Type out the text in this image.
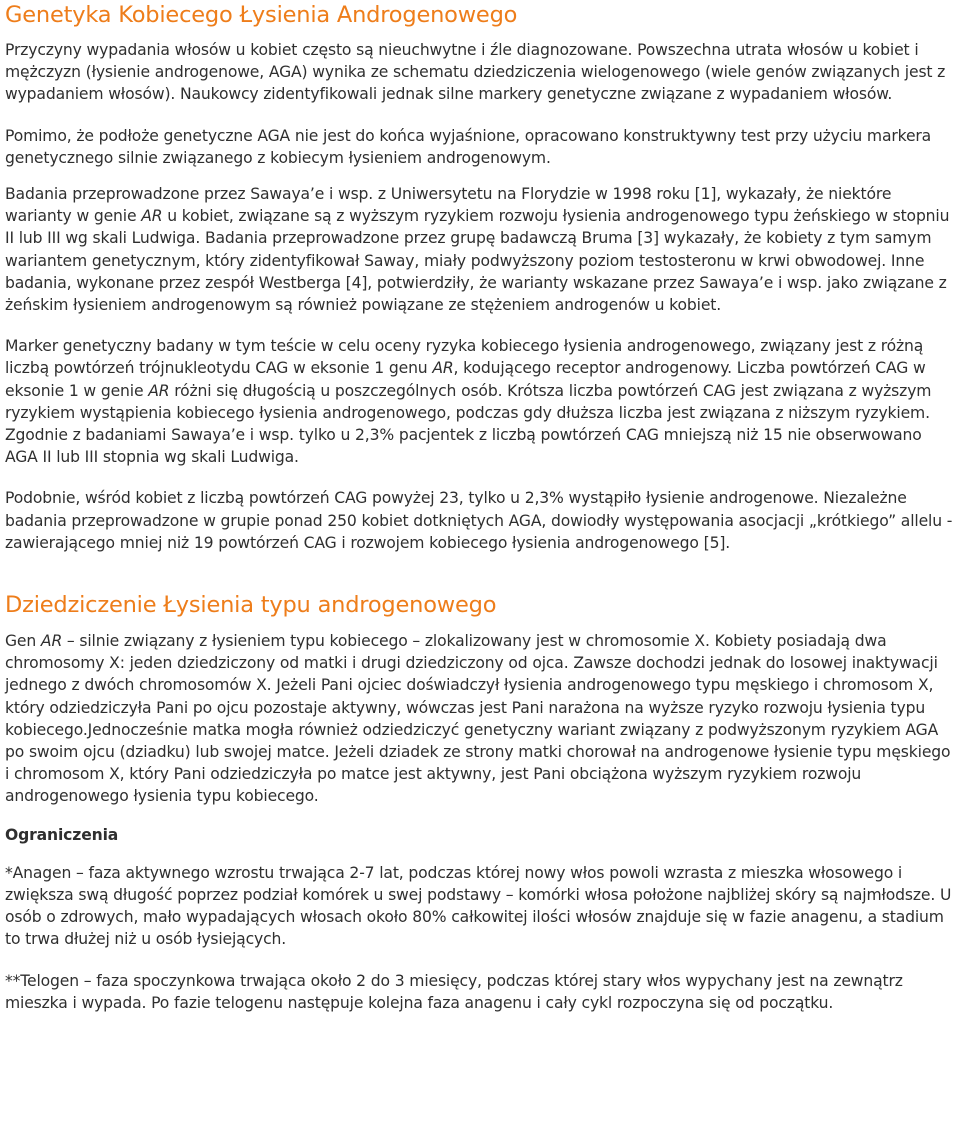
Genetyka Kobiecego Łysienia Androgenowego

Przyczyny wypadania włosów u kobiet często są nieuchwytne i źle diagnozowane. Powszechna utrata włosów u kobiet i mężczyzn (łysienie androgenowe, AGA) wynika ze schematu dziedziczenia wielogenowego (wiele genów związanych jest z wypadaniem włosów). Naukowcy zidentyfikowali jednak silne markery genetyczne związane z wypadaniem włosów.

Pomimo, że podłoże genetyczne AGA nie jest do końca wyjaśnione, opracowano konstruktywny test przy użyciu markera genetycznego silnie związanego z kobiecym łysieniem androgenowym.

Badania przeprowadzone przez Sawaya’e i wsp. z Uniwersytetu na Florydzie w 1998 roku [1], wykazały, że niektóre warianty w genie AR u kobiet, związane są z wyższym ryzykiem rozwoju łysienia androgenowego typu żeńskiego w stopniu II lub III wg skali Ludwiga. Badania przeprowadzone przez grupę badawczą Bruma [3] wykazały, że kobiety z tym samym wariantem genetycznym, który zidentyfikował Saway, miały podwyższony poziom testosteronu w krwi obwodowej. Inne badania, wykonane przez zespół Westberga [4], potwierdziły, że warianty wskazane przez Sawaya’e i wsp. jako związane z żeńskim łysieniem androgenowym są również powiązane ze stężeniem androgenów u kobiet.

Marker genetyczny badany w tym teście w celu oceny ryzyka kobiecego łysienia androgenowego, związany jest z różną liczbą powtórzeń trójnukleotydu CAG w eksonie 1 genu AR, kodującego receptor androgenowy. Liczba powtórzeń CAG w eksonie 1 w genie AR różni się długością u poszczególnych osób. Krótsza liczba powtórzeń CAG jest związana z wyższym ryzykiem wystąpienia kobiecego łysienia androgenowego, podczas gdy dłuższa liczba jest związana z niższym ryzykiem. Zgodnie z badaniami Sawaya’e i wsp. tylko u 2,3% pacjentek z liczbą powtórzeń CAG mniejszą niż 15 nie obserwowano AGA II lub III stopnia wg skali Ludwiga.

Podobnie, wśród kobiet z liczbą powtórzeń CAG powyżej 23, tylko u 2,3% wystąpiło łysienie androgenowe. Niezależne badania przeprowadzone w grupie ponad 250 kobiet dotkniętych AGA, dowiodły występowania asocjacji „krótkiego” allelu - zawierającego mniej niż 19 powtórzeń CAG i rozwojem kobiecego łysienia androgenowego [5].

Dziedziczenie Łysienia typu androgenowego

Gen AR – silnie związany z łysieniem typu kobiecego – zlokalizowany jest w chromosomie X. Kobiety posiadają dwa chromosomy X: jeden dziedziczony od matki i drugi dziedziczony od ojca. Zawsze dochodzi jednak do losowej inaktywacji jednego z dwóch chromosomów X. Jeżeli Pani ojciec doświadczył łysienia androgenowego typu męskiego i chromosom X, który odziedziczyła Pani po ojcu pozostaje aktywny, wówczas jest Pani narażona na wyższe ryzyko rozwoju łysienia typu kobiecego.Jednocześnie matka mogła również odziedziczyć genetyczny wariant związany z podwyższonym ryzykiem AGA po swoim ojcu (dziadku) lub swojej matce. Jeżeli dziadek ze strony matki chorował na androgenowe łysienie typu męskiego i chromosom X, który Pani odziedziczyła po matce jest aktywny, jest Pani obciążona wyższym ryzykiem rozwoju androgenowego łysienia typu kobiecego.

Ograniczenia

*Anagen – faza aktywnego wzrostu trwająca 2-7 lat, podczas której nowy włos powoli wzrasta z mieszka włosowego i zwiększa swą długość poprzez podział komórek u swej podstawy – komórki włosa położone najbliżej skóry są najmłodsze. U osób o zdrowych, mało wypadających włosach około 80% całkowitej ilości włosów znajduje się w fazie anagenu, a stadium to trwa dłużej niż u osób łysiejących.

**Telogen – faza spoczynkowa trwająca około 2 do 3 miesięcy, podczas której stary włos wypychany jest na zewnątrz mieszka i wypada. Po fazie telogenu następuje kolejna faza anagenu i cały cykl rozpoczyna się od początku.
